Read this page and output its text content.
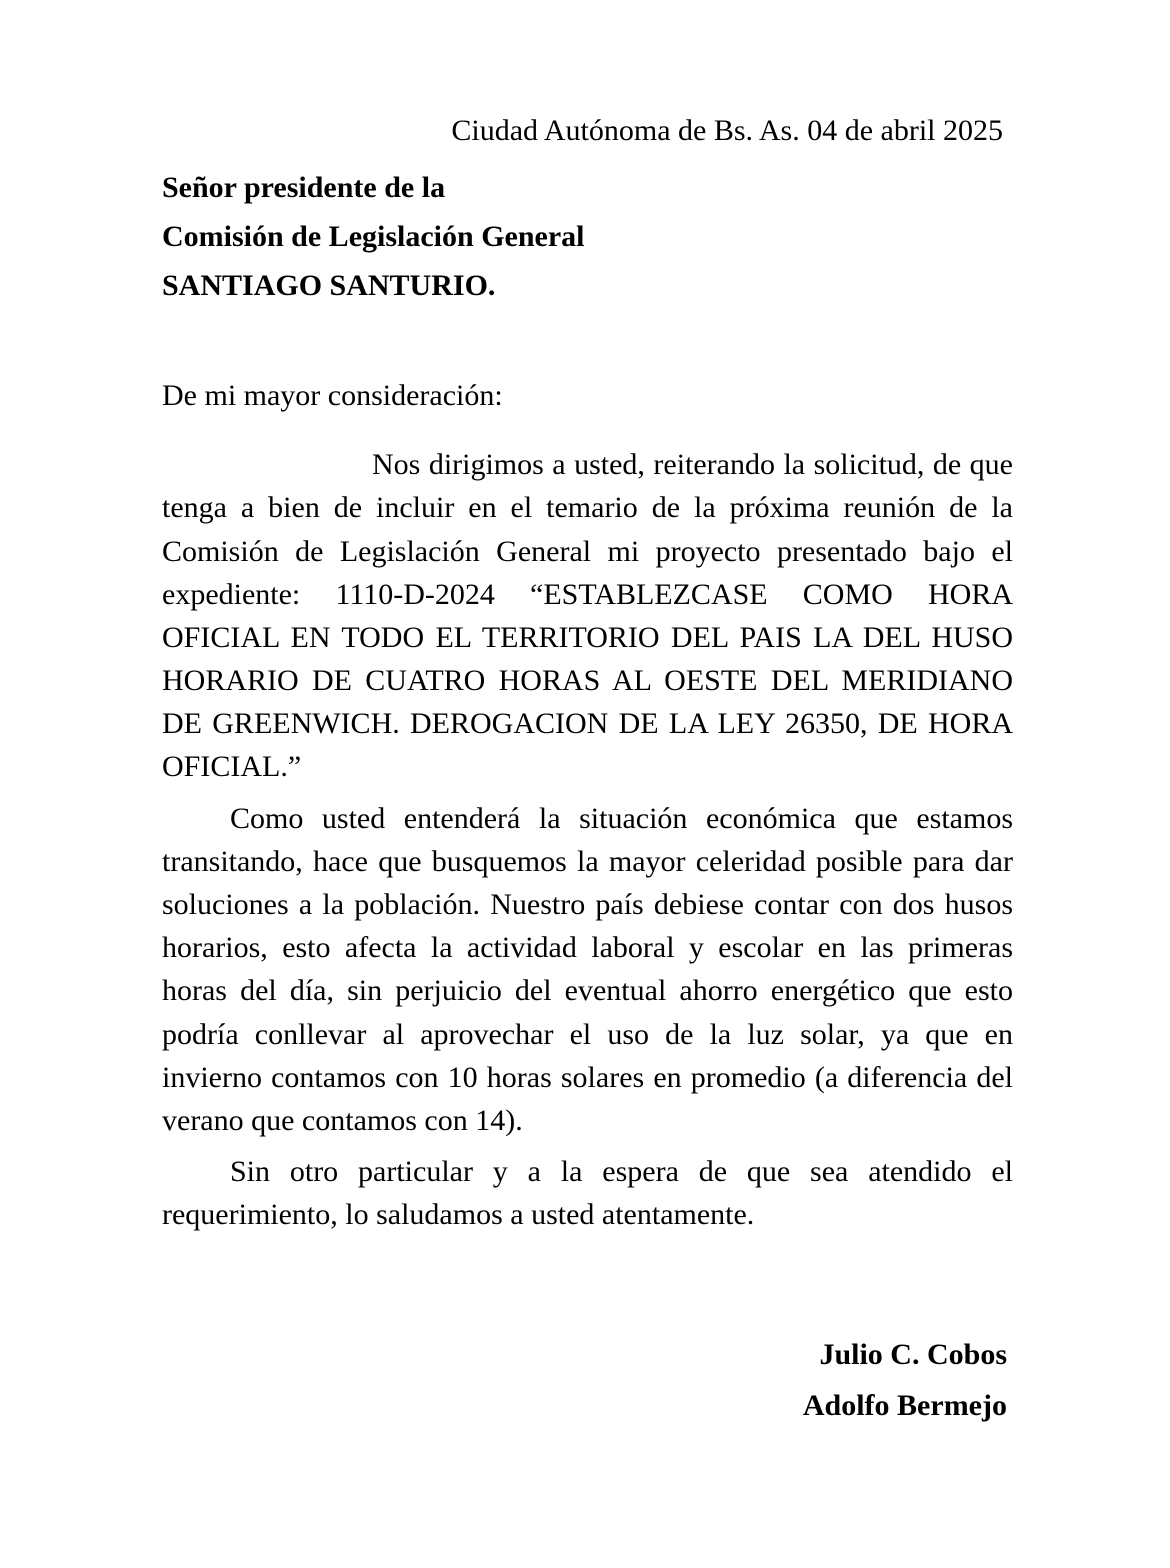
Ciudad Autónoma de Bs. As. 04 de abril 2025
Señor presidente de la
Comisión de Legislación General
SANTIAGO SANTURIO.
De mi mayor consideración:

Nos dirigimos a usted, reiterando la solicitud, de que tenga a bien de incluir en el temario de la próxima reunión de la Comisión de Legislación General mi proyecto presentado bajo el expediente: 1110-D-2024 “ESTABLEZCASE COMO HORA OFICIAL EN TODO EL TERRITORIO DEL PAIS LA DEL HUSO HORARIO DE CUATRO HORAS AL OESTE DEL MERIDIANO DE GREENWICH. DEROGACION DE LA LEY 26350, DE HORA OFICIAL.”

Como usted entenderá la situación económica que estamos transitando, hace que busquemos la mayor celeridad posible para dar soluciones a la población. Nuestro país debiese contar con dos husos horarios, esto afecta la actividad laboral y escolar en las primeras horas del día, sin perjuicio del eventual ahorro energético que esto podría conllevar al aprovechar el uso de la luz solar, ya que en invierno contamos con 10 horas solares en promedio (a diferencia del verano que contamos con 14).

Sin otro particular y a la espera de que sea atendido el requerimiento, lo saludamos a usted atentamente.

Julio C. Cobos
Adolfo Bermejo
